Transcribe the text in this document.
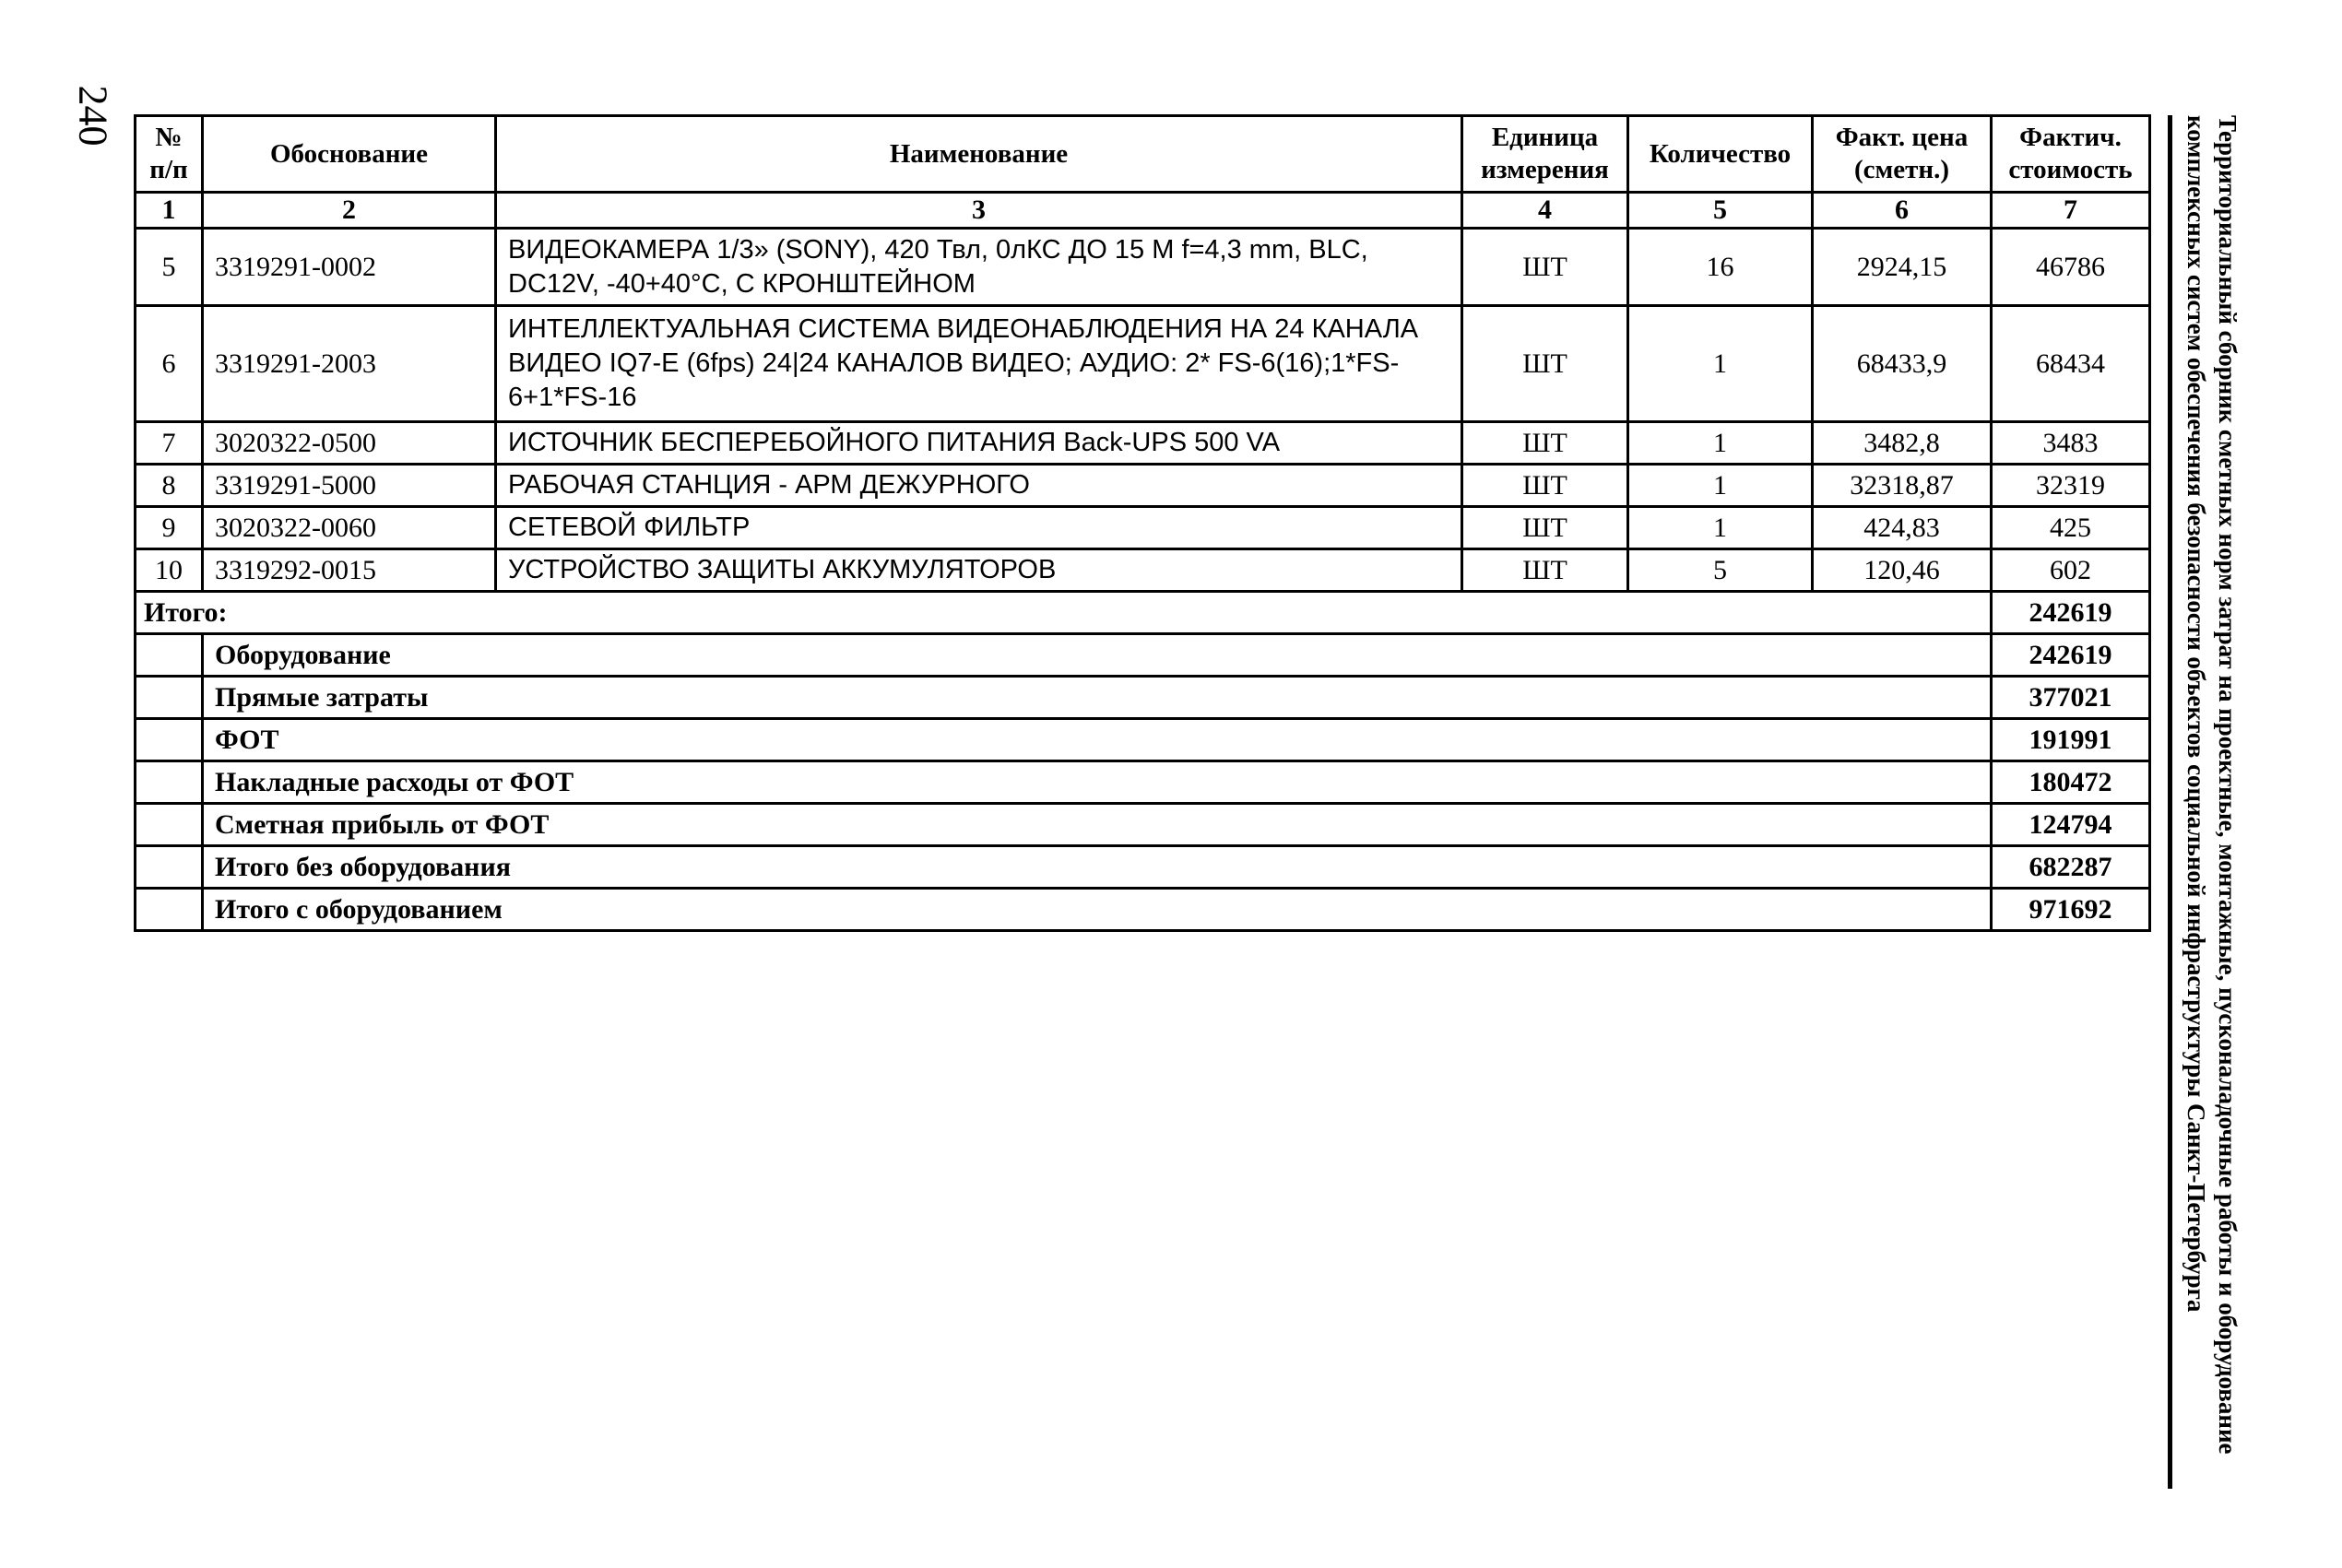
240	Территориальный сборник сметных норм затрат на проектные, монтажные, пусконаладочные работы и оборудование
комплексных систем обеспечения безопасности объектов социальной инфраструктуры Санкт-Петербурга
№ п/п	Обоснование	Наименование	Единица измерения	Количество	Факт. цена (сметн.)	Фактич. стоимость
1	2	3	4	5	6	7
5	3319291-0002	ВИДЕОКАМЕРА 1/3» (SONY), 420 Твл, 0лКС ДО 15 М f=4,3 mm, BLC, DC12V, -40+40°С, С КРОНШТЕЙНОМ	ШТ	16	2924,15	46786
6	3319291-2003	ИНТЕЛЛЕКТУАЛЬНАЯ СИСТЕМА ВИДЕОНАБЛЮДЕНИЯ НА 24 КАНАЛА ВИДЕО IQ7-E (6fps) 24|24 КАНАЛОВ ВИДЕО; АУДИО: 2* FS-6(16);1*FS-6+1*FS-16	ШТ	1	68433,9	68434
7	3020322-0500	ИСТОЧНИК БЕСПЕРЕБОЙНОГО ПИТАНИЯ Back-UPS 500 VA	ШТ	1	3482,8	3483
8	3319291-5000	РАБОЧАЯ СТАНЦИЯ - АРМ ДЕЖУРНОГО	ШТ	1	32318,87	32319
9	3020322-0060	СЕТЕВОЙ ФИЛЬТР	ШТ	1	424,83	425
10	3319292-0015	УСТРОЙСТВО ЗАЩИТЫ АККУМУЛЯТОРОВ	ШТ	5	120,46	602
Итого:						242619
	Оборудование					242619
	Прямые затраты					377021
	ФОТ					191991
	Накладные расходы от ФОТ					180472
	Сметная прибыль от ФОТ					124794
	Итого без оборудования					682287
	Итого с оборудованием					971692
